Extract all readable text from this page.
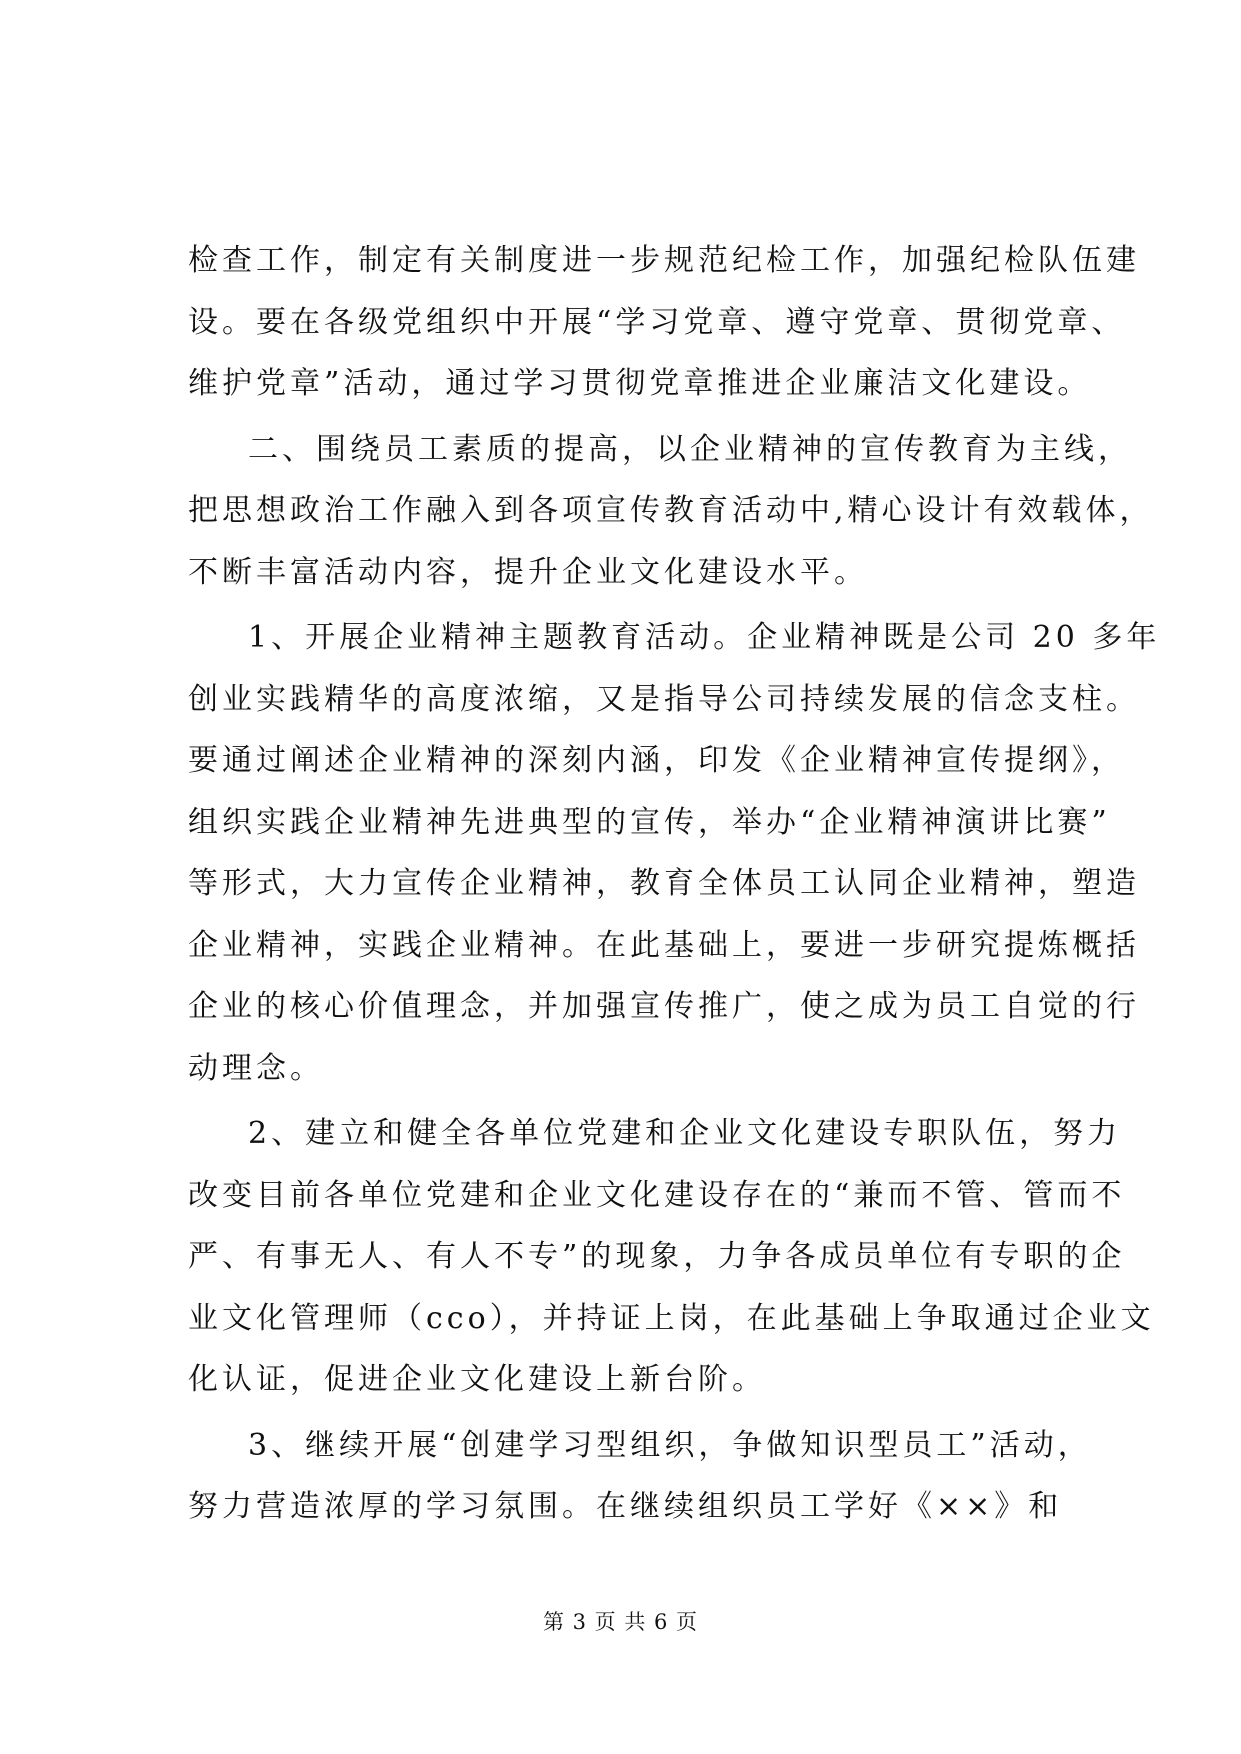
检查工作，制定有关制度进一步规范纪检工作，加强纪检队伍建
设。要在各级党组织中开展“学习党章、遵守党章、贯彻党章、
维护党章”活动，通过学习贯彻党章推进企业廉洁文化建设。
二、围绕员工素质的提高，以企业精神的宣传教育为主线，
把思想政治工作融入到各项宣传教育活动中,精心设计有效载体，
不断丰富活动内容，提升企业文化建设水平。
1、开展企业精神主题教育活动。企业精神既是公司 20 多年
创业实践精华的高度浓缩，又是指导公司持续发展的信念支柱。
要通过阐述企业精神的深刻内涵，印发《企业精神宣传提纲》，
组织实践企业精神先进典型的宣传，举办“企业精神演讲比赛”
等形式，大力宣传企业精神，教育全体员工认同企业精神，塑造
企业精神，实践企业精神。在此基础上，要进一步研究提炼概括
企业的核心价值理念，并加强宣传推广，使之成为员工自觉的行
动理念。
2、建立和健全各单位党建和企业文化建设专职队伍，努力
改变目前各单位党建和企业文化建设存在的“兼而不管、管而不
严、有事无人、有人不专”的现象，力争各成员单位有专职的企
业文化管理师（cco），并持证上岗，在此基础上争取通过企业文
化认证，促进企业文化建设上新台阶。
3、继续开展“创建学习型组织，争做知识型员工”活动，
努力营造浓厚的学习氛围。在继续组织员工学好《××》和
第 3 页 共 6 页
